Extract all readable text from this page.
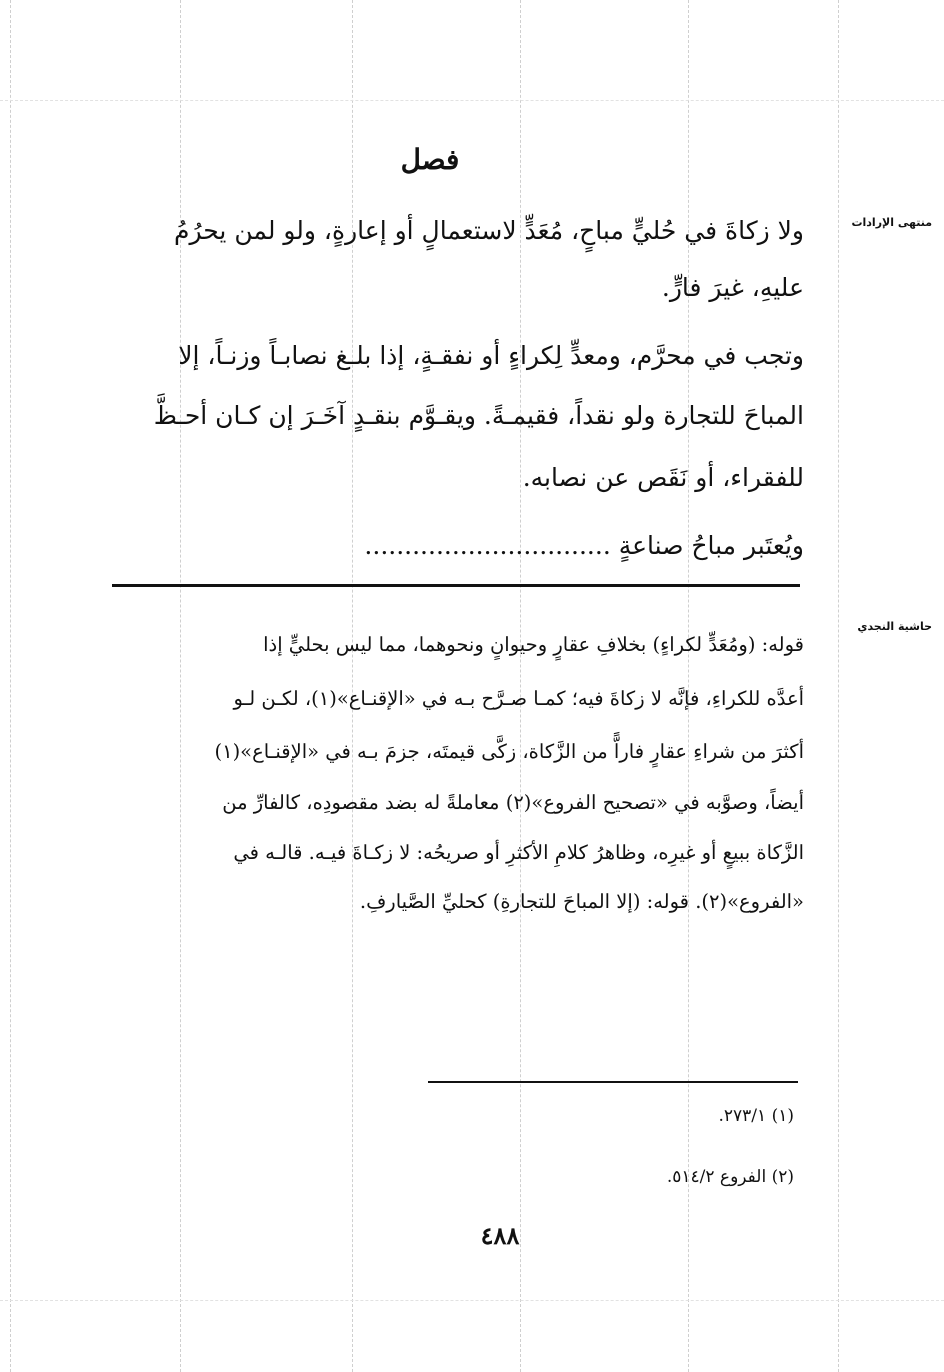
فصل
منتهى الإرادات
حاشية النجدي
ولا زكاةَ في حُليٍّ مباحٍ، مُعَدٍّ لاستعمالٍ أو إعارةٍ، ولو لمن يحرُمُ
عليهِ، غيرَ فارٍّ.
وتجب في محرَّم، ومعدٍّ لِكراءٍ أو نفقـةٍ، إذا بلـغ نصابـاً وزنـاً، إلا
المباحَ للتجارة ولو نقداً، فقيمـةً. ويقـوَّم بنقـدٍ آخَـرَ إن كـان أحـظَّ
للفقراء، أو نَقَص عن نصابه.
ويُعتَبر مباحُ صناعةٍ ...............................
قوله: (ومُعَدٍّ لكراءٍ) بخلافِ عقارٍ وحيوانٍ ونحوهما، مما ليس بحليٍّ إذا
أعدَّه للكراءِ، فإنَّه لا زكاةَ فيه؛ كمـا صـرَّح بـه في «الإقنـاع»(١)، لكـن لـو
أكثرَ من شراءِ عقارٍ فاراًّ من الزَّكاة، زكَّى قيمتَه، جزمَ بـه في «الإقنـاع»(١)
أيضاً، وصوَّبه في «تصحيح الفروع»(٢) معاملةً له بضد مقصودِه، كالفارِّ من
الزَّكاة ببيعٍ أو غيرِه، وظاهرُ كلامِ الأكثرِ أو صريحُه: لا زكـاةَ فيـه. قالـه في
«الفروع»(٢). قوله: (إلا المباحَ للتجارةِ) كحليِّ الصَّيارفِ.
(١) ٢٧٣/١.
(٢) الفروع ٥١٤/٢.
٤٨٨
